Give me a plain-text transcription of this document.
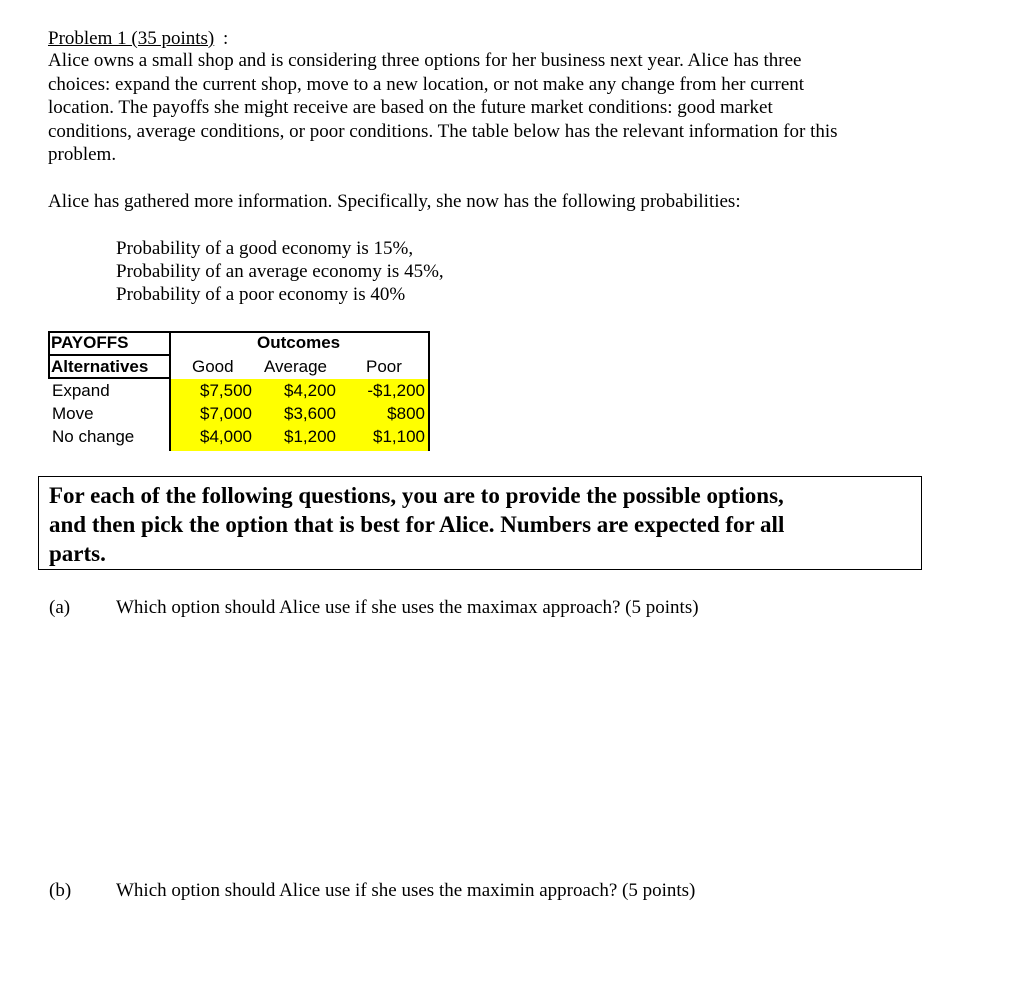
Problem 1 (35 points) :
Alice owns a small shop and is considering three options for her business next year. Alice has three
choices: expand the current shop, move to a new location, or not make any change from her current
location. The payoffs she might receive are based on the future market conditions: good market
conditions, average conditions, or poor conditions. The table below has the relevant information for this
problem.
Alice has gathered more information. Specifically, she now has the following probabilities:
Probability of a good economy is 15%,
Probability of an average economy is 45%,
Probability of a poor economy is 40%
PAYOFFS	Outcomes
Alternatives	Good Average Poor
Expand	$7,500	$4,200	-$1,200
Move	$7,000	$3,600	$800
No change	$4,000	$1,200	$1,100
For each of the following questions, you are to provide the possible options,
and then pick the option that is best for Alice. Numbers are expected for all
parts.
(a) Which option should Alice use if she uses the maximax approach? (5 points)
(b) Which option should Alice use if she uses the maximin approach? (5 points)
